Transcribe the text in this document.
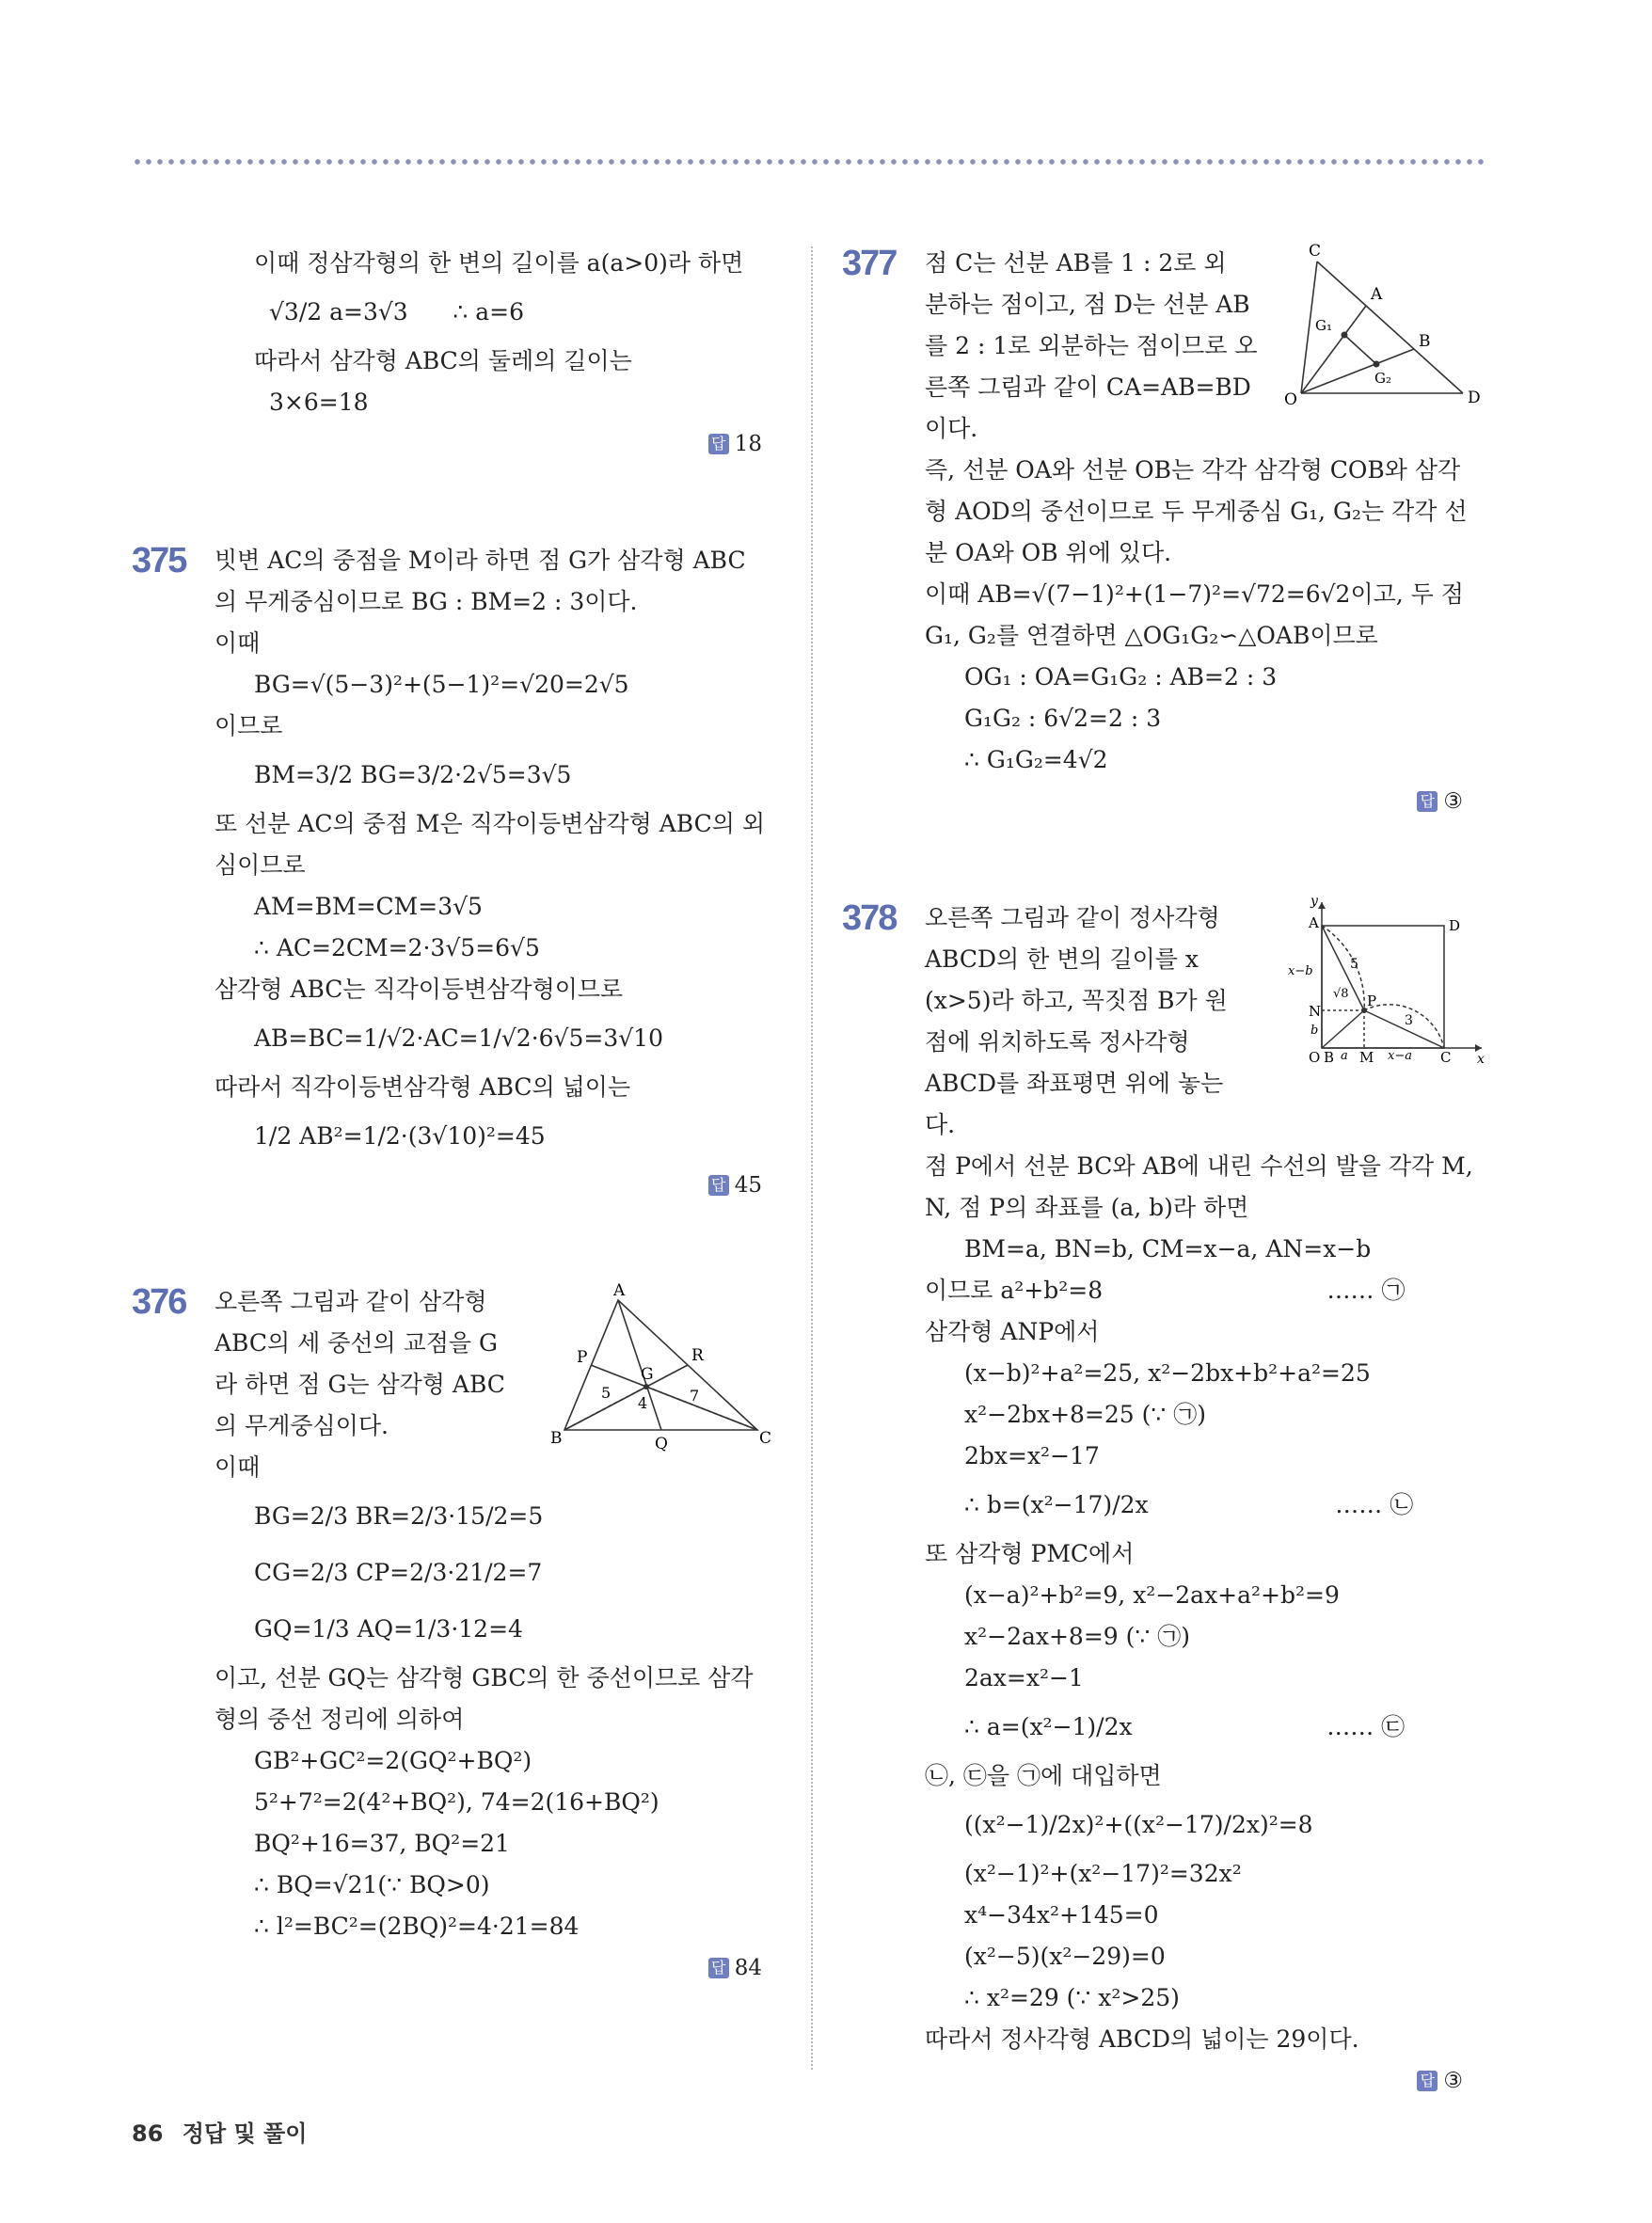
이때 정삼각형의 한 변의 길이를 a(a>0)라 하면
√3/2 a=3√3      ∴ a=6
따라서 삼각형 ABC의 둘레의 길이는
3×6=18
답 18
375 빗변 AC의 중점을 M이라 하면 점 G가 삼각형 ABC
의 무게중심이므로 BG : BM=2 : 3이다.
이때
BG=√(5−3)²+(5−1)²=√20=2√5
이므로
BM=3/2 BG=3/2·2√5=3√5
또 선분 AC의 중점 M은 직각이등변삼각형 ABC의 외
심이므로
AM=BM=CM=3√5
∴ AC=2CM=2·3√5=6√5
삼각형 ABC는 직각이등변삼각형이므로
AB=BC=1/√2·AC=1/√2·6√5=3√10
따라서 직각이등변삼각형 ABC의 넓이는
1/2 AB²=1/2·(3√10)²=45
답 45
376 오른쪽 그림과 같이 삼각형
ABC의 세 중선의 교점을 G
라 하면 점 G는 삼각형 ABC
의 무게중심이다.
이때
BG=2/3 BR=2/3·15/2=5
CG=2/3 CP=2/3·21/2=7
GQ=1/3 AQ=1/3·12=4
이고, 선분 GQ는 삼각형 GBC의 한 중선이므로 삼각
형의 중선 정리에 의하여
GB²+GC²=2(GQ²+BQ²)
5²+7²=2(4²+BQ²), 74=2(16+BQ²)
BQ²+16=37, BQ²=21
∴ BQ=√21(∵ BQ>0)
∴ l²=BC²=(2BQ)²=4·21=84
답 84
A
B	C
P
Q
R
G
5
4	7
377 점 C는 선분 AB를 1 : 2로 외
분하는 점이고, 점 D는 선분 AB
를 2 : 1로 외분하는 점이므로 오
른쪽 그림과 같이 CA=AB=BD
이다.
즉, 선분 OA와 선분 OB는 각각 삼각형 COB와 삼각
형 AOD의 중선이므로 두 무게중심 G₁, G₂는 각각 선
분 OA와 OB 위에 있다.
이때 AB=√(7−1)²+(1−7)²=√72=6√2이고, 두 점
G₁, G₂를 연결하면 △OG₁G₂∽△OAB이므로
OG₁ : OA=G₁G₂ : AB=2 : 3
G₁G₂ : 6√2=2 : 3
∴ G₁G₂=4√2
답 ③
C
A
B
D
O
G₁
G₂
378 오른쪽 그림과 같이 정사각형
ABCD의 한 변의 길이를 x
(x>5)라 하고, 꼭짓점 B가 원
점에 위치하도록 정사각형
ABCD를 좌표평면 위에 놓는
다.
점 P에서 선분 BC와 AB에 내린 수선의 발을 각각 M,
N, 점 P의 좌표를 (a, b)라 하면
BM=a, BN=b, CM=x−a, AN=x−b
이므로 a²+b²=8                              …… ㉠
삼각형 ANP에서
(x−b)²+a²=25, x²−2bx+b²+a²=25
x²−2bx+8=25 (∵ ㉠)
2bx=x²−17
∴ b=(x²−17)/2x                         …… ㉡
또 삼각형 PMC에서
(x−a)²+b²=9, x²−2ax+a²+b²=9
x²−2ax+8=9 (∵ ㉠)
2ax=x²−1
∴ a=(x²−1)/2x                          …… ㉢
㉡, ㉢을 ㉠에 대입하면
((x²−1)/2x)²+((x²−17)/2x)²=8
(x²−1)²+(x²−17)²=32x²
x⁴−34x²+145=0
(x²−5)(x²−29)=0
∴ x²=29 (∵ x²>25)
따라서 정사각형 ABCD의 넓이는 29이다.
답 ③
y
x
A	D
O B M	C
N
P
5
3
√8
x−b
b
a	x−a
86 정답 및 풀이
